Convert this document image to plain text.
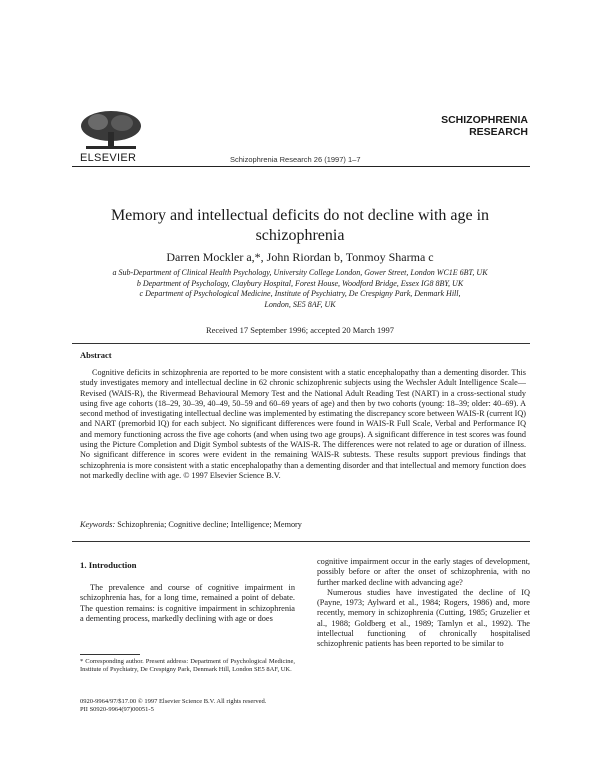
ELSEVIER	Schizophrenia Research 26 (1997) 1–7
SCHIZOPHRENIA
RESEARCH
Memory and intellectual deficits do not decline with age in
schizophrenia
Darren Mockler a,*, John Riordan b, Tonmoy Sharma c
a Sub-Department of Clinical Health Psychology, University College London, Gower Street, London WC1E 6BT, UK
b Department of Psychology, Claybury Hospital, Forest House, Woodford Bridge, Essex IG8 8BY, UK
c Department of Psychological Medicine, Institute of Psychiatry, De Crespigny Park, Denmark Hill,
London, SE5 8AF, UK
Received 17 September 1996; accepted 20 March 1997
Abstract
Cognitive deficits in schizophrenia are reported to be more consistent with a static encephalopathy than a dementing disorder. This study investigates memory and intellectual decline in 62 chronic schizophrenic subjects using the Wechsler Adult Intelligence Scale—Revised (WAIS-R), the Rivermead Behavioural Memory Test and the National Adult Reading Test (NART) in a cross-sectional study using five age cohorts (18–29, 30–39, 40–49, 50–59 and 60–69 years of age) and then by two cohorts (young: 18–39; older: 40–69). A second method of investigating intellectual decline was implemented by estimating the discrepancy score between WAIS-R (current IQ) and NART (premorbid IQ) for each subject. No significant differences were found in WAIS-R Full Scale, Verbal and Performance IQ and memory functioning across the five age cohorts (and when using two age groups). A significant difference in test scores was found using the Picture Completion and Digit Symbol subtests of the WAIS-R. The differences were not related to age or duration of illness. No significant difference in scores were evident in the remaining WAIS-R subtests. These results support previous findings that schizophrenia is more consistent with a static encephalopathy than a dementing disorder and that intellectual and memory function does not markedly decline with age. © 1997 Elsevier Science B.V.
Keywords: Schizophrenia; Cognitive decline; Intelligence; Memory
1. Introduction
The prevalence and course of cognitive impairment in schizophrenia has, for a long time, remained a point of debate. The question remains: is cognitive impairment in schizophrenia a dementing process, markedly declining with age or does

cognitive impairment occur in the early stages of development, possibly before or after the onset of schizophrenia, with no further marked decline with advancing age?

Numerous studies have investigated the decline of IQ (Payne, 1973; Aylward et al., 1984; Rogers, 1986) and, more recently, memory in schizophrenia (Cutting, 1985; Gruzelier et al., 1988; Goldberg et al., 1989; Tamlyn et al., 1992). The intellectual functioning of chronically hospitalised schizophrenic patients has been reported to be similar to

* Corresponding author. Present address: Department of Psychological Medicine, Institute of Psychiatry, De Crespigny Park, Denmark Hill, London SE5 8AF, UK.
0920-9964/97/$17.00 © 1997 Elsevier Science B.V. All rights reserved.
PII S0920-9964(97)00051-5
